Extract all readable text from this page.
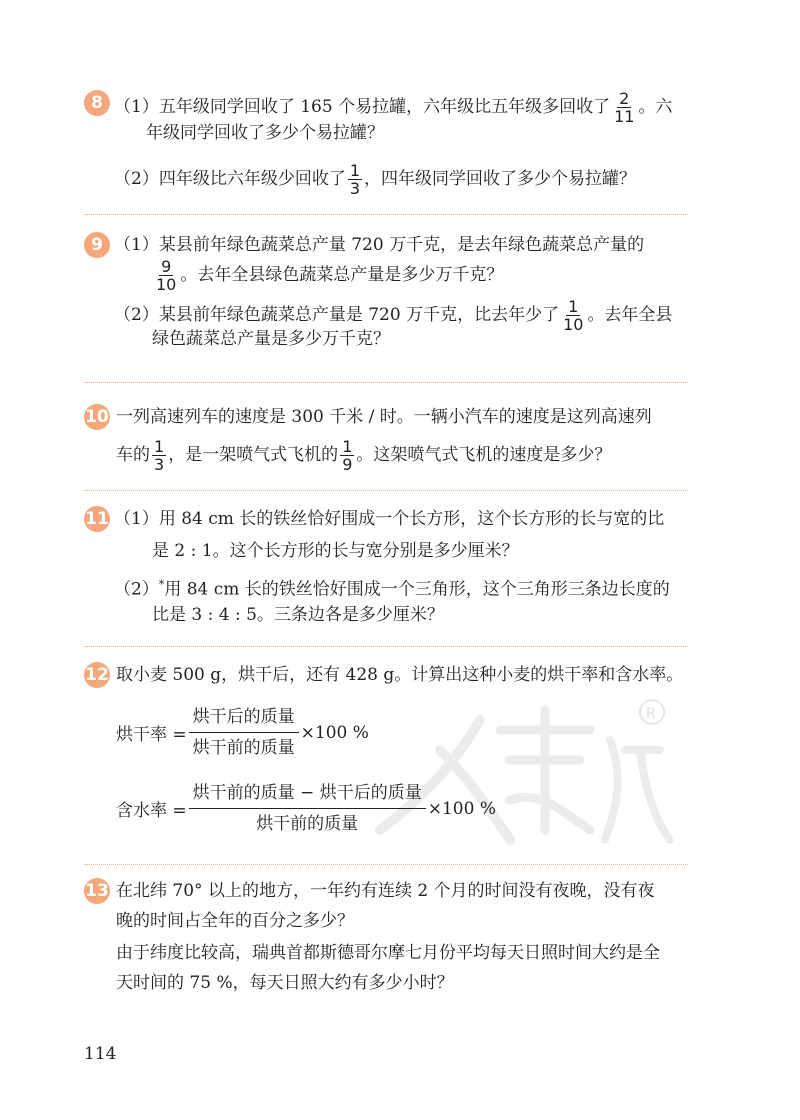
R
8 （1）五年级同学回收了 165 个易拉罐，六年级比五年级多回收了 $\frac{2}{11}$ 。六
年级同学回收了多少个易拉罐？
（2）四年级比六年级少回收了 $\frac{1}{3}$ ，四年级同学回收了多少个易拉罐？
9 （1）某县前年绿色蔬菜总产量 720 万千克，是去年绿色蔬菜总产量的
$\frac{9}{10}$ 。去年全县绿色蔬菜总产量是多少万千克？
（2）某县前年绿色蔬菜总产量是 720 万千克，比去年少了 $\frac{1}{10}$ 。去年全县
绿色蔬菜总产量是多少万千克？
10 一列高速列车的速度是 300 千米 / 时。一辆小汽车的速度是这列高速列
车的 $\frac{1}{3}$ ，是一架喷气式飞机的 $\frac{1}{9}$ 。这架喷气式飞机的速度是多少？
11 （1）用 84 cm 长的铁丝恰好围成一个长方形，这个长方形的长与宽的比
是 2 : 1。这个长方形的长与宽分别是多少厘米？
（2）*用 84 cm 长的铁丝恰好围成一个三角形，这个三角形三条边长度的
比是 3 : 4 : 5。三条边各是多少厘米？
12 取小麦 500 g，烘干后，还有 428 g。计算出这种小麦的烘干率和含水率。
烘干率 =
烘干后的质量
烘干前的质量
×100 %
含水率 =
烘干前的质量 − 烘干后的质量
烘干前的质量
×100 %
13 在北纬 70° 以上的地方，一年约有连续 2 个月的时间没有夜晚，没有夜
晚的时间占全年的百分之多少？
由于纬度比较高，瑞典首都斯德哥尔摩七月份平均每天日照时间大约是全
天时间的 75 %，每天日照大约有多少小时？
114
